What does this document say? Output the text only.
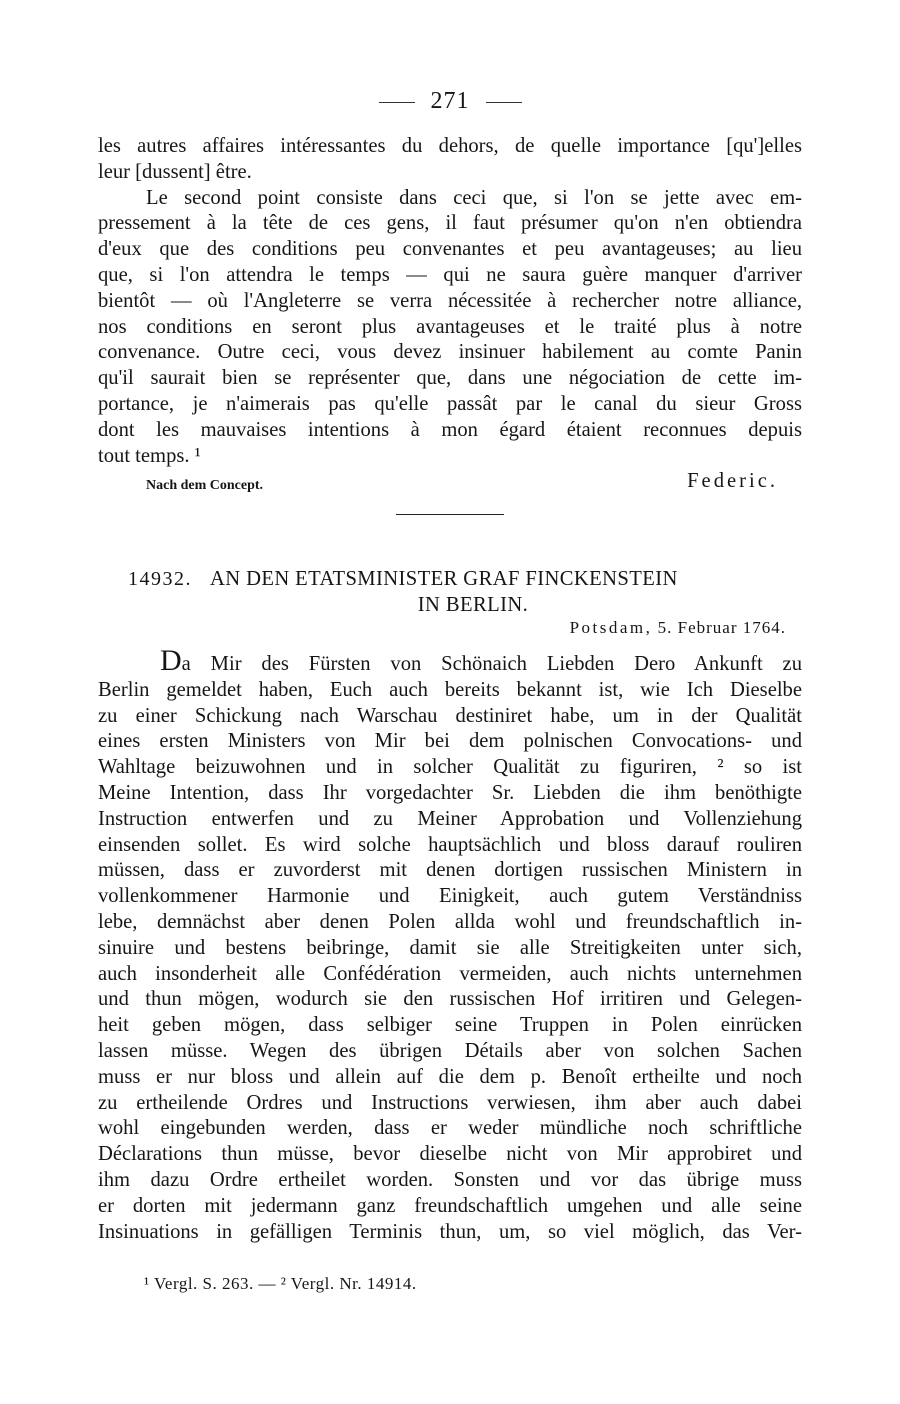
271
les autres affaires intéressantes du dehors, de quelle importance [qu']elles
leur [dussent] être.
Le second point consiste dans ceci que, si l'on se jette avec em-
pressement à la tête de ces gens, il faut présumer qu'on n'en obtiendra
d'eux que des conditions peu convenantes et peu avantageuses; au lieu
que, si l'on attendra le temps — qui ne saura guère manquer d'arriver
bientôt — où l'Angleterre se verra nécessitée à rechercher notre alliance,
nos conditions en seront plus avantageuses et le traité plus à notre
convenance. Outre ceci, vous devez insinuer habilement au comte Panin
qu'il saurait bien se représenter que, dans une négociation de cette im-
portance, je n'aimerais pas qu'elle passât par le canal du sieur Gross
dont les mauvaises intentions à mon égard étaient reconnues depuis
tout temps. ¹
Nach dem Concept.	Federic.
14932. AN DEN ETATSMINISTER GRAF FINCKENSTEIN
IN BERLIN.
Potsdam, 5. Februar 1764.
Da Mir des Fürsten von Schönaich Liebden Dero Ankunft zu
Berlin gemeldet haben, Euch auch bereits bekannt ist, wie Ich Dieselbe
zu einer Schickung nach Warschau destiniret habe, um in der Qualität
eines ersten Ministers von Mir bei dem polnischen Convocations- und
Wahltage beizuwohnen und in solcher Qualität zu figuriren, ² so ist
Meine Intention, dass Ihr vorgedachter Sr. Liebden die ihm benöthigte
Instruction entwerfen und zu Meiner Approbation und Vollenziehung
einsenden sollet. Es wird solche hauptsächlich und bloss darauf rouliren
müssen, dass er zuvorderst mit denen dortigen russischen Ministern in
vollenkommener Harmonie und Einigkeit, auch gutem Verständniss
lebe, demnächst aber denen Polen allda wohl und freundschaftlich in-
sinuire und bestens beibringe, damit sie alle Streitigkeiten unter sich,
auch insonderheit alle Confédération vermeiden, auch nichts unternehmen
und thun mögen, wodurch sie den russischen Hof irritiren und Gelegen-
heit geben mögen, dass selbiger seine Truppen in Polen einrücken
lassen müsse. Wegen des übrigen Détails aber von solchen Sachen
muss er nur bloss und allein auf die dem p. Benoît ertheilte und noch
zu ertheilende Ordres und Instructions verwiesen, ihm aber auch dabei
wohl eingebunden werden, dass er weder mündliche noch schriftliche
Déclarations thun müsse, bevor dieselbe nicht von Mir approbiret und
ihm dazu Ordre ertheilet worden. Sonsten und vor das übrige muss
er dorten mit jedermann ganz freundschaftlich umgehen und alle seine
Insinuations in gefälligen Terminis thun, um, so viel möglich, das Ver-
¹ Vergl. S. 263. — ² Vergl. Nr. 14914.
